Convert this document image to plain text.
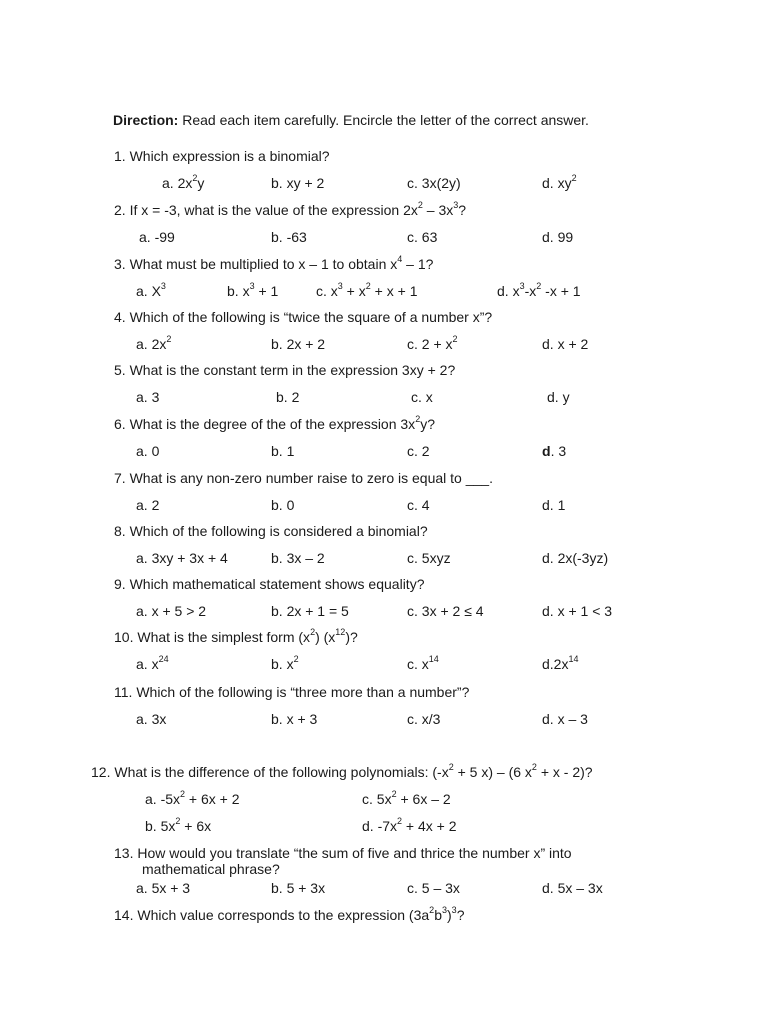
Direction: Read each item carefully. Encircle the letter of the correct answer.
1. Which expression is a binomial?
a. $2x^2y$	b. xy + 2	c. 3x(2y)	d. $xy^2$
2. If x = -3, what is the value of the expression $2x^2 - 3x^3$?
a. -99	b. -63	c. 63	d. 99
3. What must be multiplied to x – 1 to obtain $x^4 - 1$?
a. $X^3$	b. $x^3 + 1$	c. $x^3 + x^2 + x + 1$	d. $x^3-x^2$ -x + 1
4. Which of the following is “twice the square of a number x”?
a. $2x^2$	b. 2x + 2	c. $2 + x^2$	d. x + 2
5. What is the constant term in the expression 3xy + 2?
a. 3	b. 2	c. x	d. y
6. What is the degree of the of the expression $3x^2y$?
a. 0	b. 1	c. 2	d. 3
7. What is any non-zero number raise to zero is equal to ___.
a. 2	b. 0	c. 4	d. 1
8. Which of the following is considered a binomial?
a. 3xy + 3x + 4	b. 3x – 2	c. 5xyz	d. 2x(-3yz)
9. Which mathematical statement shows equality?
a. x + 5 > 2	b. 2x + 1 = 5	c. 3x + 2 ≤ 4	d. x + 1 < 3
10. What is the simplest form $(x^2)$ $(x^{12})$?
a. $x^{24}$	b. $x^2$	c. $x^{14}$	$d.2x^{14}$
11. Which of the following is “three more than a number”?
a. 3x	b. x + 3	c. x/3	d. x – 3
12. What is the difference of the following polynomials: ($-x^2 + 5$ x) – (6 $x^2 + x - 2$)?
a. $-5x^2 + 6x + 2$	c. $5x^2 + 6x - 2$
b. $5x^2 + 6x$	d. $-7x^2 + 4x + 2$
13. How would you translate “the sum of five and thrice the number x” into
mathematical phrase?
a. 5x + 3	b. 5 + 3x	c. 5 – 3x	d. 5x – 3x
14. Which value corresponds to the expression $(3a^2b^3)^3$?
